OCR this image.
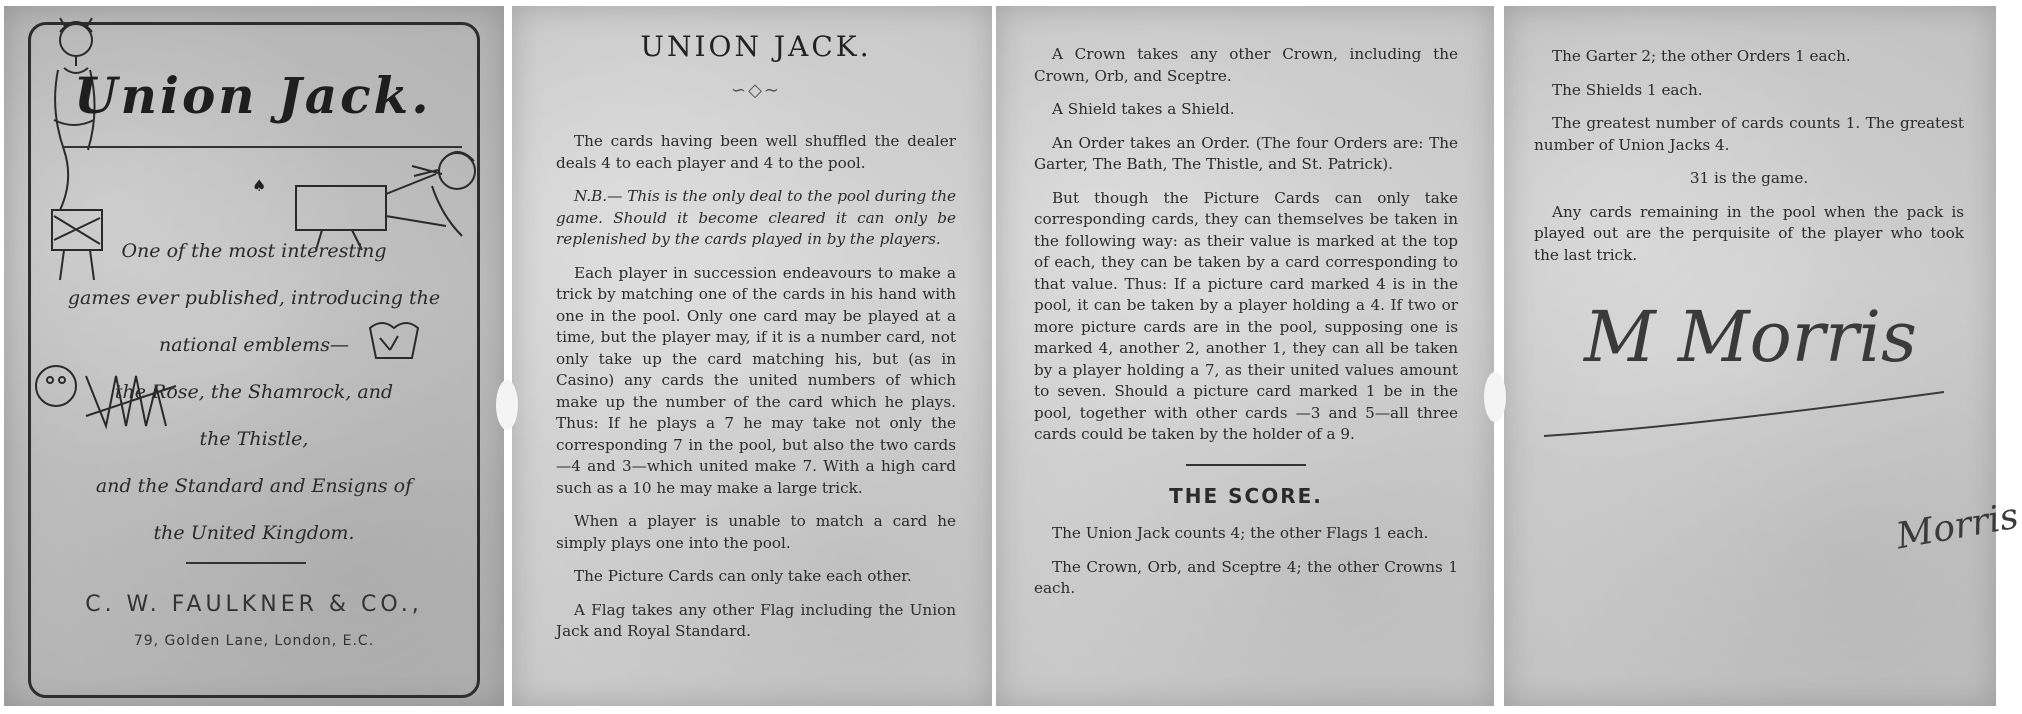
Union Jack.
♠
One of the most interesting
games ever published, introducing the
national emblems—
the Rose, the Shamrock, and
the Thistle,
and the Standard and Ensigns of
the United Kingdom.
C. W. FAULKNER & CO.,
79, Golden Lane, London, E.C.
UNION JACK.
∽◇∼

The cards having been well shuffled the dealer deals 4 to each player and 4 to the pool.

N.B.— This is the only deal to the pool during the game. Should it become cleared it can only be replenished by the cards played in by the players.

Each player in succession endeavours to make a trick by matching one of the cards in his hand with one in the pool. Only one card may be played at a time, but the player may, if it is a number card, not only take up the card matching his, but (as in Casino) any cards the united numbers of which make up the number of the card which he plays. Thus: If he plays a 7 he may take not only the corresponding 7 in the pool, but also the two cards—4 and 3—which united make 7. With a high card such as a 10 he may make a large trick.

When a player is unable to match a card he simply plays one into the pool.

The Picture Cards can only take each other.

A Flag takes any other Flag including the Union Jack and Royal Standard.

A Crown takes any other Crown, including the Crown, Orb, and Sceptre.

A Shield takes a Shield.

An Order takes an Order. (The four Orders are: The Garter, The Bath, The Thistle, and St. Patrick).

But though the Picture Cards can only take corresponding cards, they can themselves be taken in the following way: as their value is marked at the top of each, they can be taken by a card corresponding to that value. Thus: If a picture card marked 4 is in the pool, it can be taken by a player holding a 4. If two or more picture cards are in the pool, supposing one is marked 4, another 2, another 1, they can all be taken by a player holding a 7, as their united values amount to seven. Should a picture card marked 1 be in the pool, together with other cards —3 and 5—all three cards could be taken by the holder of a 9.

THE SCORE.

The Union Jack counts 4; the other Flags 1 each.

The Crown, Orb, and Sceptre 4; the other Crowns 1 each.

The Garter 2; the other Orders 1 each.

The Shields 1 each.

The greatest number of cards counts 1. The greatest number of Union Jacks 4.

31 is the game.

Any cards remaining in the pool when the pack is played out are the perquisite of the player who took the last trick.

M Morris
Morris
